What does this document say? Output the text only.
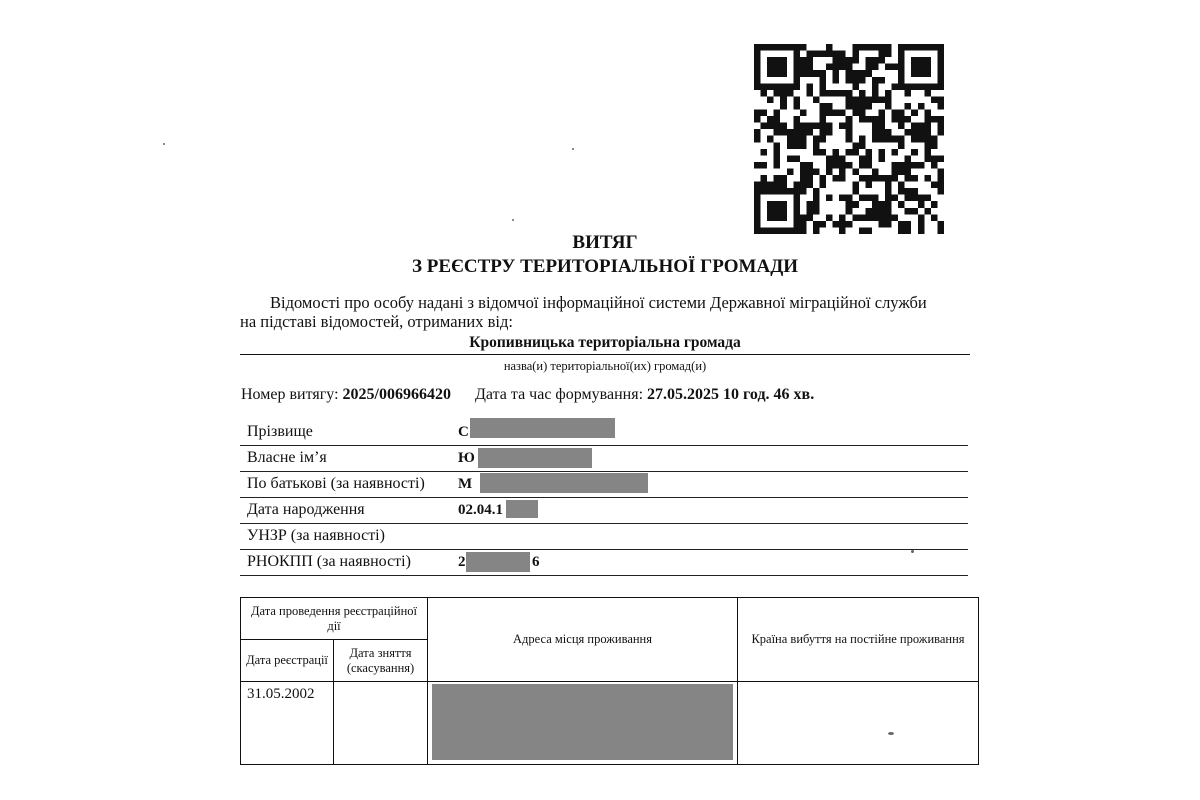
ВИТЯГ
З РЕЄСТРУ ТЕРИТОРІАЛЬНОЇ ГРОМАДИ
Відомості про особу надані з відомчої інформаційної системи Державної міграційної служби
на підставі відомостей, отриманих від:
Кропивницька територіальна громада
назва(и) територіальної(их) громад(и)
Номер витягу: 2025/006966420 Дата та час формування: 27.05.2025 10 год. 46 хв.
Прізвище	С
Власне ім’я	Ю
По батькові (за наявності) М
Дата народження	02.04.1
УНЗР (за наявності)
РНОКПП (за наявності)	2	6
Дата проведення реєстраційної дії		Адреса місця проживання	Країна вибуття на постійне проживання
Дата реєстрації	Дата зняття (скасування)		
31.05.2002		
